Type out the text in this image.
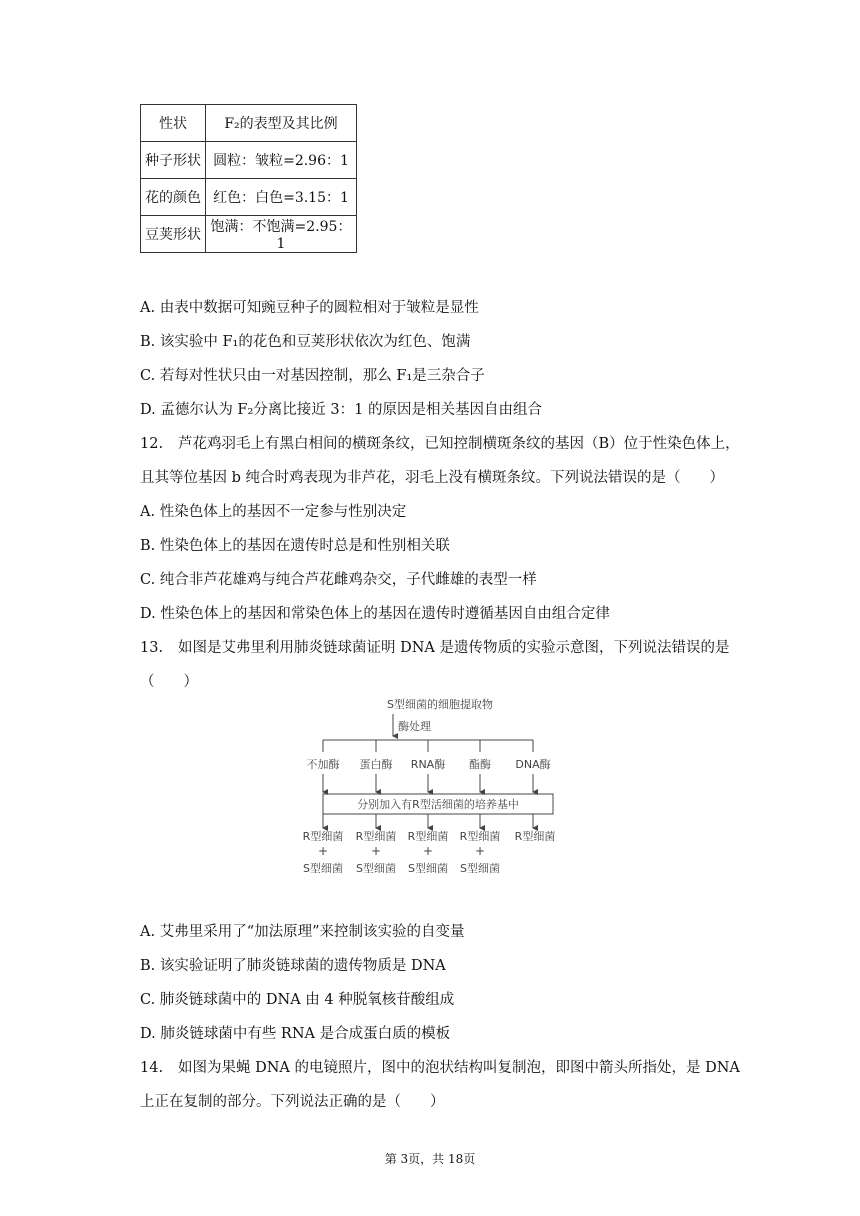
性状	F₂的表型及其比例
种子形状	圆粒：皱粒=2.96：1
花的颜色	红色：白色=3.15：1
豆荚形状	饱满：不饱满=2.95：1
A. 由表中数据可知豌豆种子的圆粒相对于皱粒是显性
B. 该实验中 F₁的花色和豆荚形状依次为红色、饱满
C. 若每对性状只由一对基因控制，那么 F₁是三杂合子
D. 孟德尔认为 F₂分离比接近 3：1 的原因是相关基因自由组合
12. 芦花鸡羽毛上有黑白相间的横斑条纹，已知控制横斑条纹的基因（B）位于性染色体上，
且其等位基因 b 纯合时鸡表现为非芦花，羽毛上没有横斑条纹。下列说法错误的是（　　）
A. 性染色体上的基因不一定参与性别决定
B. 性染色体上的基因在遗传时总是和性别相关联
C. 纯合非芦花雄鸡与纯合芦花雌鸡杂交，子代雌雄的表型一样
D. 性染色体上的基因和常染色体上的基因在遗传时遵循基因自由组合定律
13. 如图是艾弗里利用肺炎链球菌证明 DNA 是遗传物质的实验示意图，下列说法错误的是
（　　）
S型细菌的细胞提取物
酶处理
不加酶 蛋白酶 RNA酶 酯酶 DNA酶
分别加入有R型活细菌的培养基中
R型细菌 R型细菌 R型细菌 R型细菌 R型细菌
+	+	+	+
S型细菌 S型细菌 S型细菌 S型细菌
A. 艾弗里采用了“加法原理”来控制该实验的自变量
B. 该实验证明了肺炎链球菌的遗传物质是 DNA
C. 肺炎链球菌中的 DNA 由 4 种脱氧核苷酸组成
D. 肺炎链球菌中有些 RNA 是合成蛋白质的模板
14. 如图为果蝇 DNA 的电镜照片，图中的泡状结构叫复制泡，即图中箭头所指处，是 DNA
上正在复制的部分。下列说法正确的是（　　）
第 3页，共 18页
